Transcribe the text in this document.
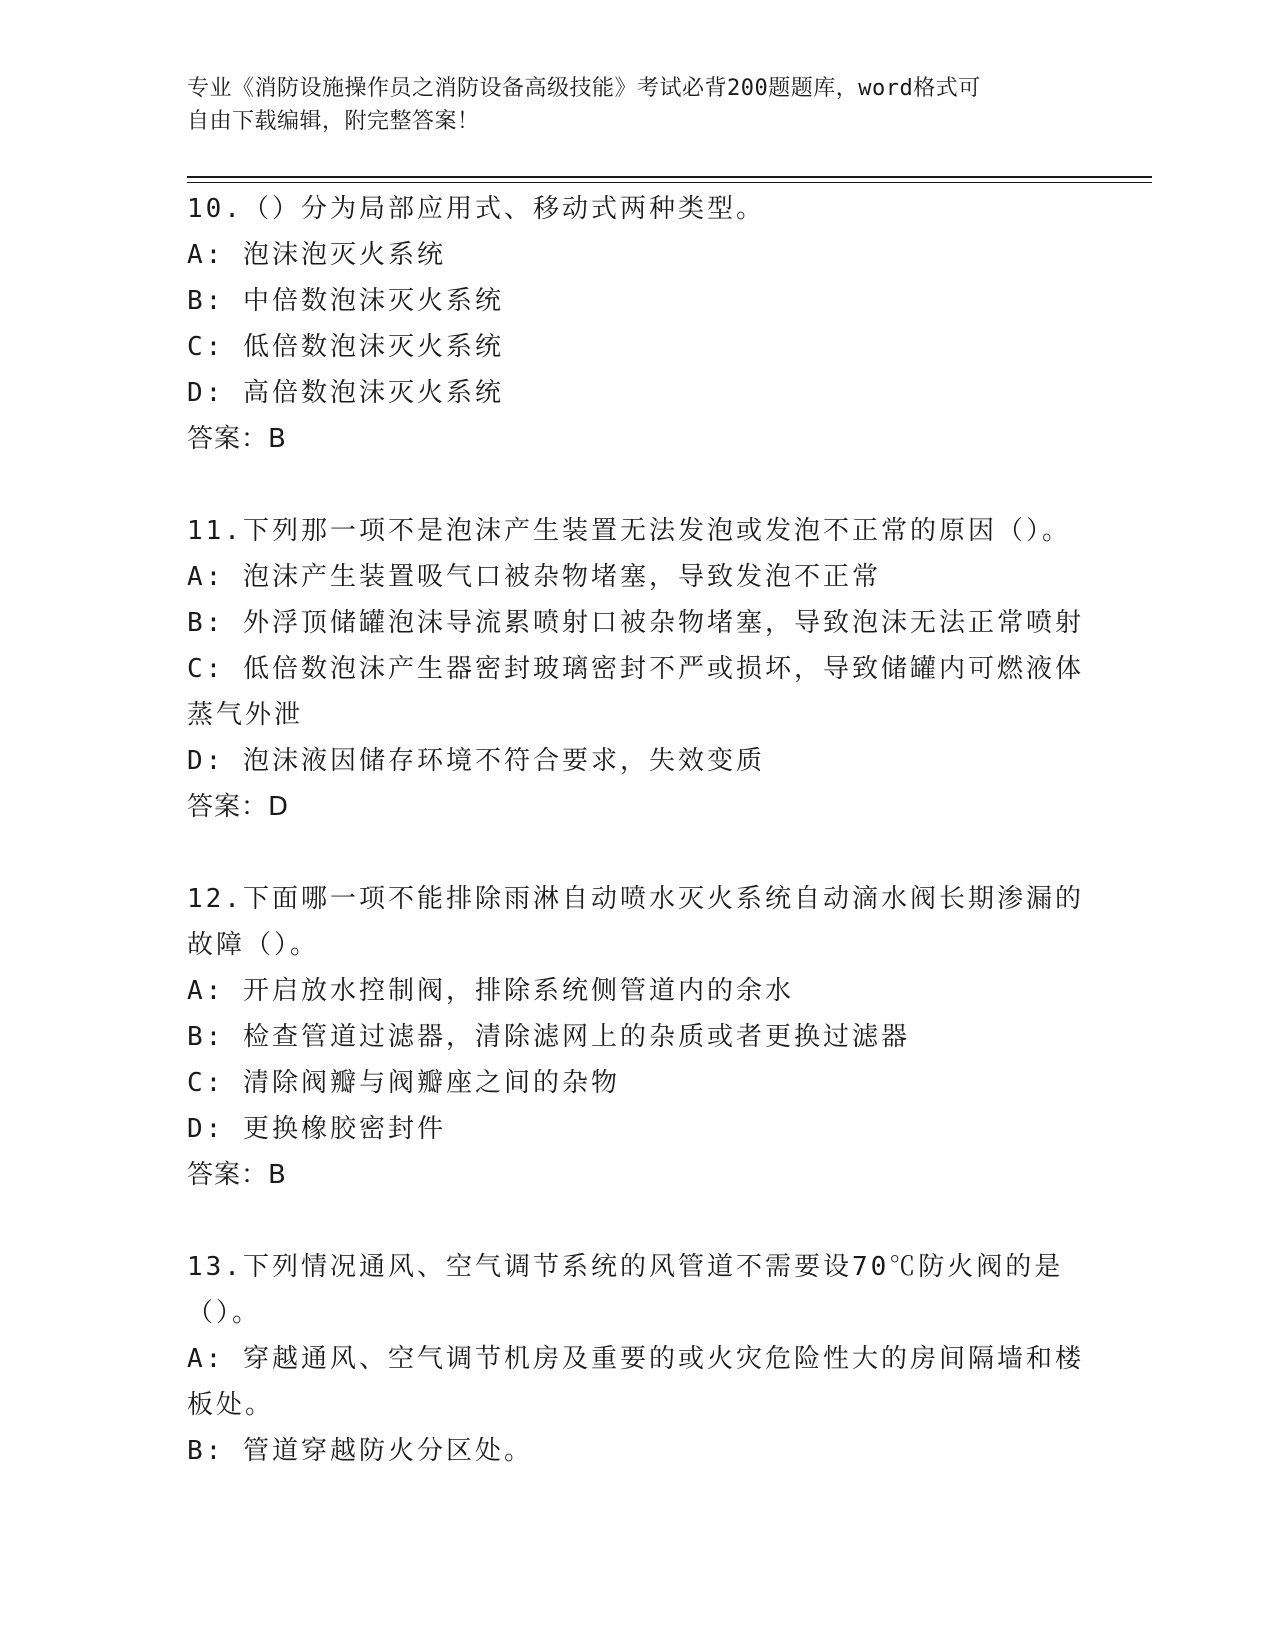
专业《消防设施操作员之消防设备高级技能》考试必背200题题库，word格式可
自由下载编辑，附完整答案！

10.（）分为局部应用式、移动式两种类型。

A: 泡沫泡灭火系统

B: 中倍数泡沫灭火系统

C: 低倍数泡沫灭火系统

D: 高倍数泡沫灭火系统

答案：B

11.下列那一项不是泡沫产生装置无法发泡或发泡不正常的原因（）。

A: 泡沫产生装置吸气口被杂物堵塞，导致发泡不正常

B: 外浮顶储罐泡沫导流累喷射口被杂物堵塞，导致泡沫无法正常喷射

C: 低倍数泡沫产生器密封玻璃密封不严或损坏，导致储罐内可燃液体蒸气外泄

D: 泡沫液因储存环境不符合要求，失效变质

答案：D

12.下面哪一项不能排除雨淋自动喷水灭火系统自动滴水阀长期渗漏的故障（）。

A: 开启放水控制阀，排除系统侧管道内的余水

B: 检查管道过滤器，清除滤网上的杂质或者更换过滤器

C: 清除阀瓣与阀瓣座之间的杂物

D: 更换橡胶密封件

答案：B

13.下列情况通风、空气调节系统的风管道不需要设70℃防火阀的是（）。

A: 穿越通风、空气调节机房及重要的或火灾危险性大的房间隔墙和楼板处。

B: 管道穿越防火分区处。
